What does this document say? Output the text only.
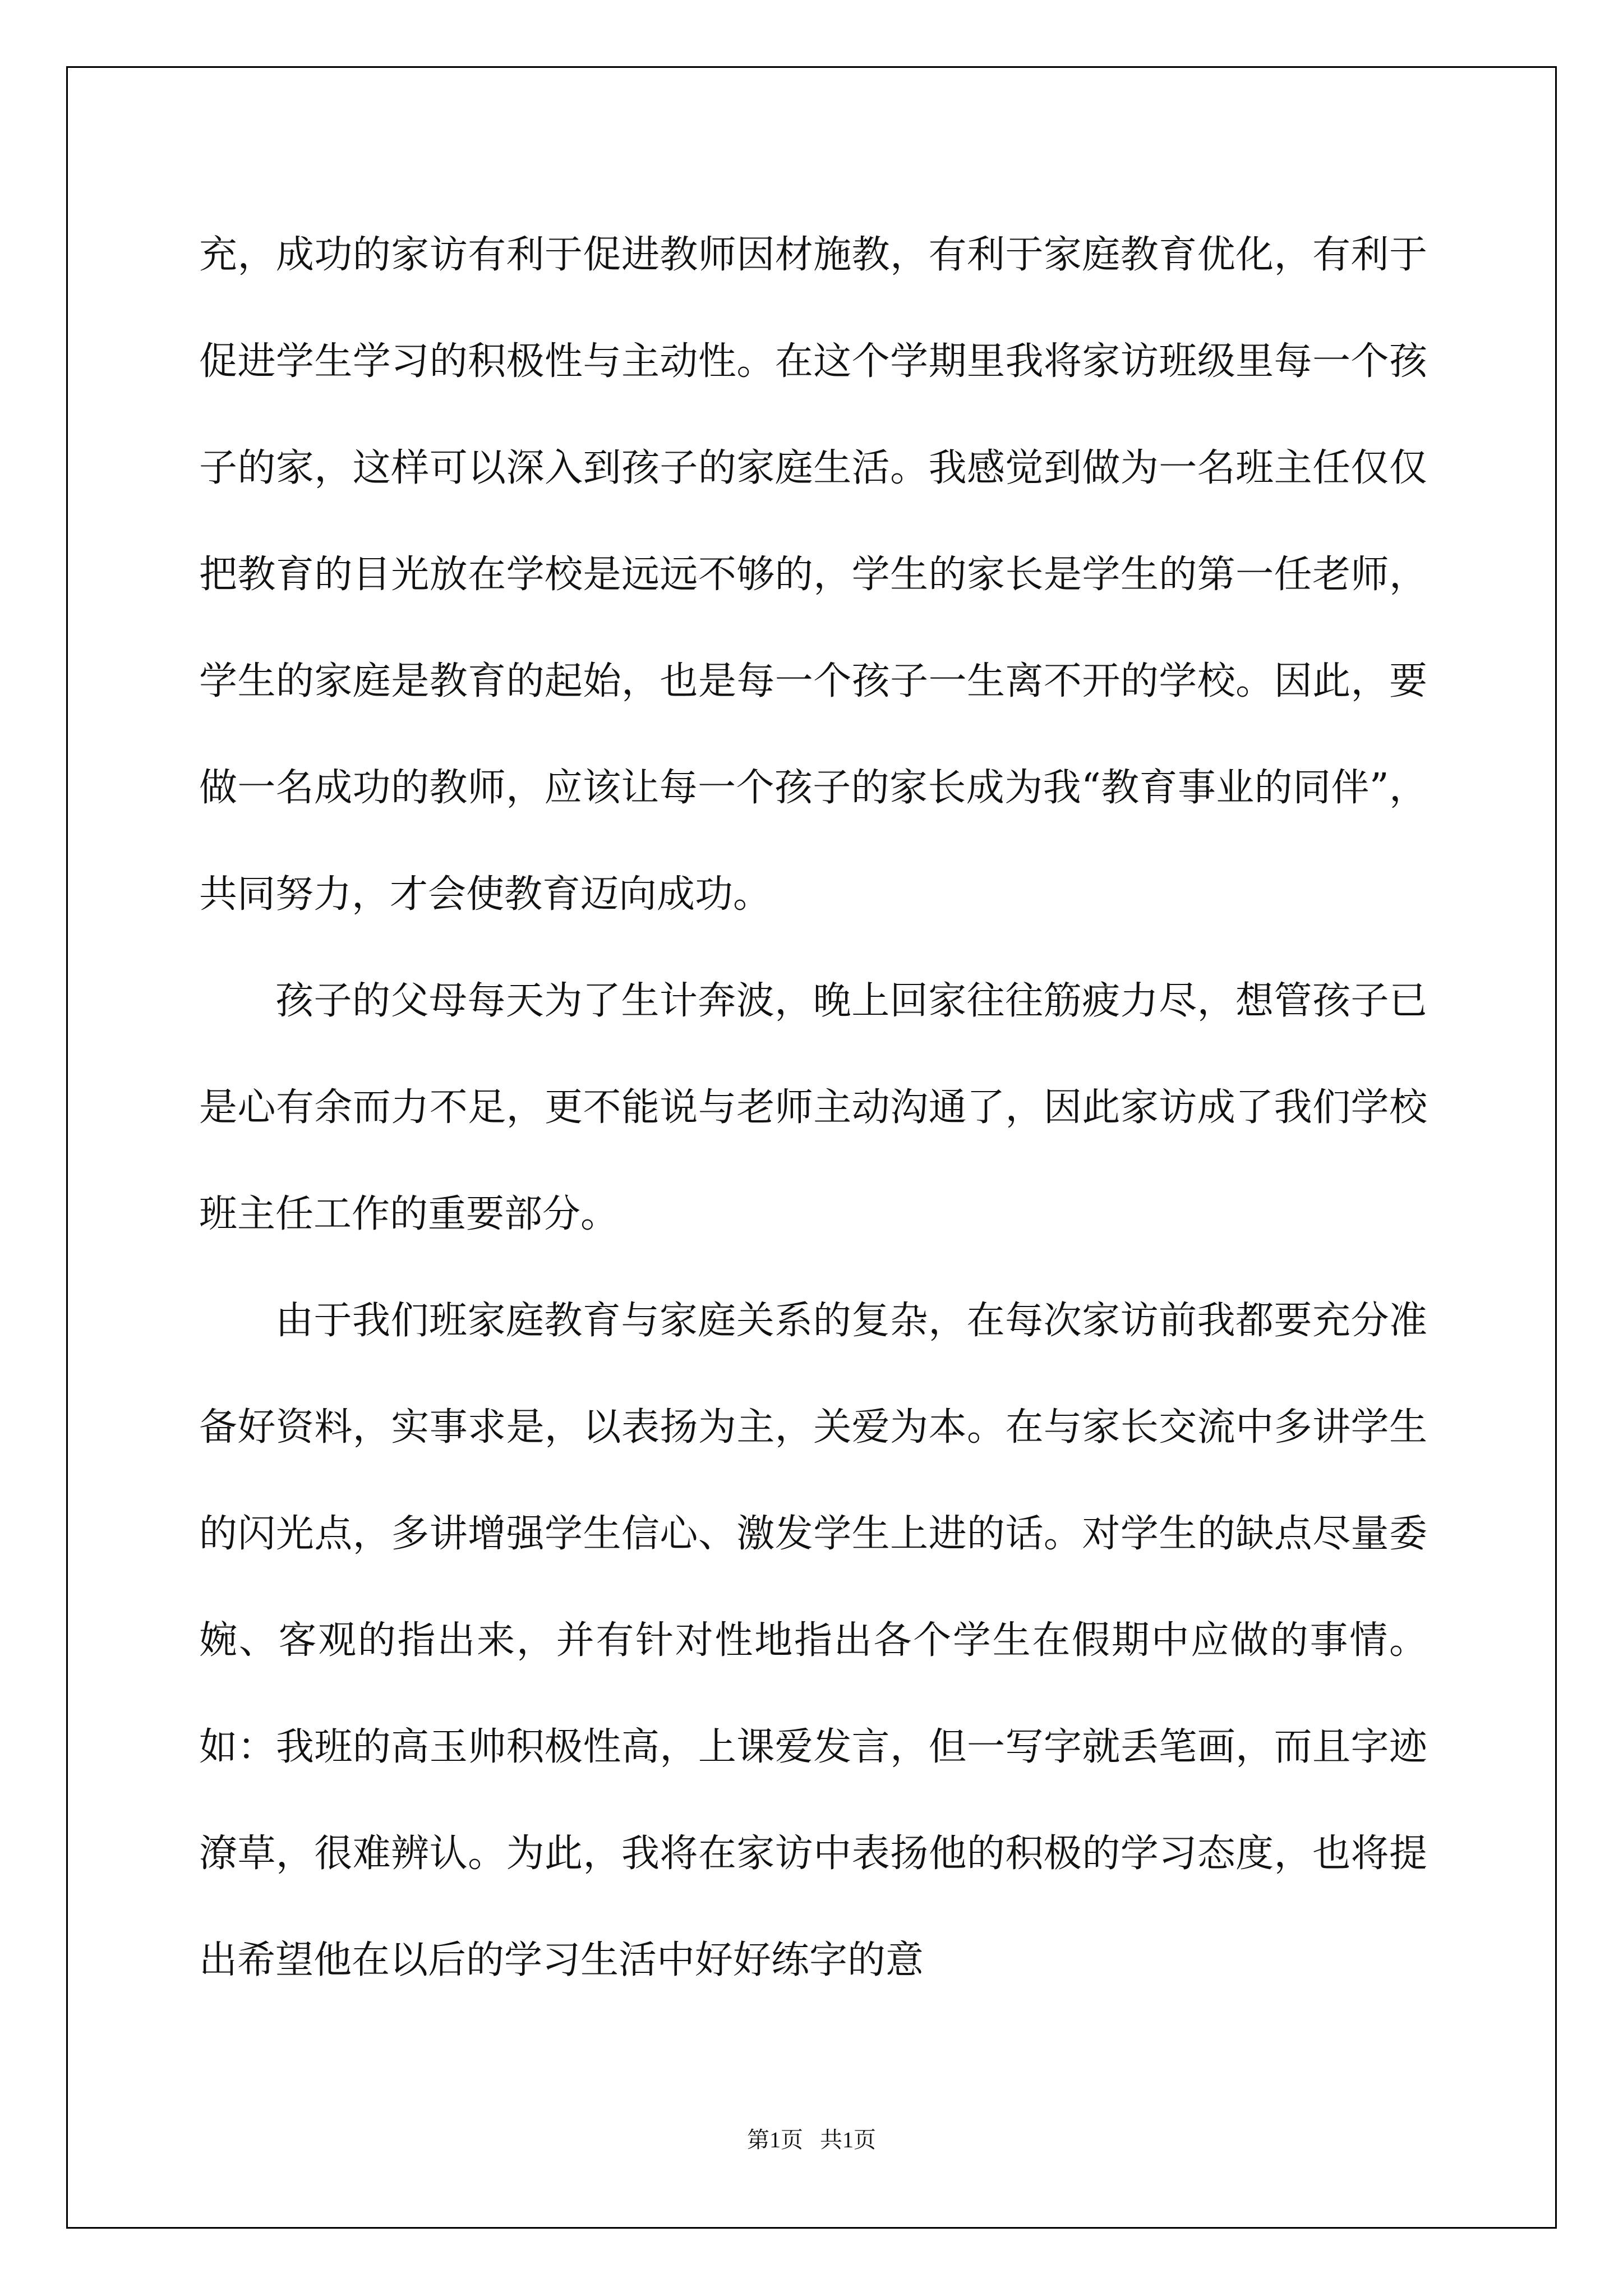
充，成功的家访有利于促进教师因材施教，有利于家庭教育优化，有利于促进学生学习的积极性与主动性。在这个学期里我将家访班级里每一个孩子的家，这样可以深入到孩子的家庭生活。我感觉到做为一名班主任仅仅把教育的目光放在学校是远远不够的，学生的家长是学生的第一任老师，学生的家庭是教育的起始，也是每一个孩子一生离不开的学校。因此，要做一名成功的教师，应该让每一个孩子的家长成为我“教育事业的同伴”，共同努力，才会使教育迈向成功。

孩子的父母每天为了生计奔波，晚上回家往往筋疲力尽，想管孩子已是心有余而力不足，更不能说与老师主动沟通了，因此家访成了我们学校班主任工作的重要部分。

由于我们班家庭教育与家庭关系的复杂，在每次家访前我都要充分准备好资料，实事求是，以表扬为主，关爱为本。在与家长交流中多讲学生的闪光点，多讲增强学生信心、激发学生上进的话。对学生的缺点尽量委婉、客观的指出来，并有针对性地指出各个学生在假期中应做的事情。如：我班的高玉帅积极性高，上课爱发言，但一写字就丢笔画，而且字迹潦草，很难辨认。为此，我将在家访中表扬他的积极的学习态度，也将提出希望他在以后的学习生活中好好练字的意

第1页   共1页
